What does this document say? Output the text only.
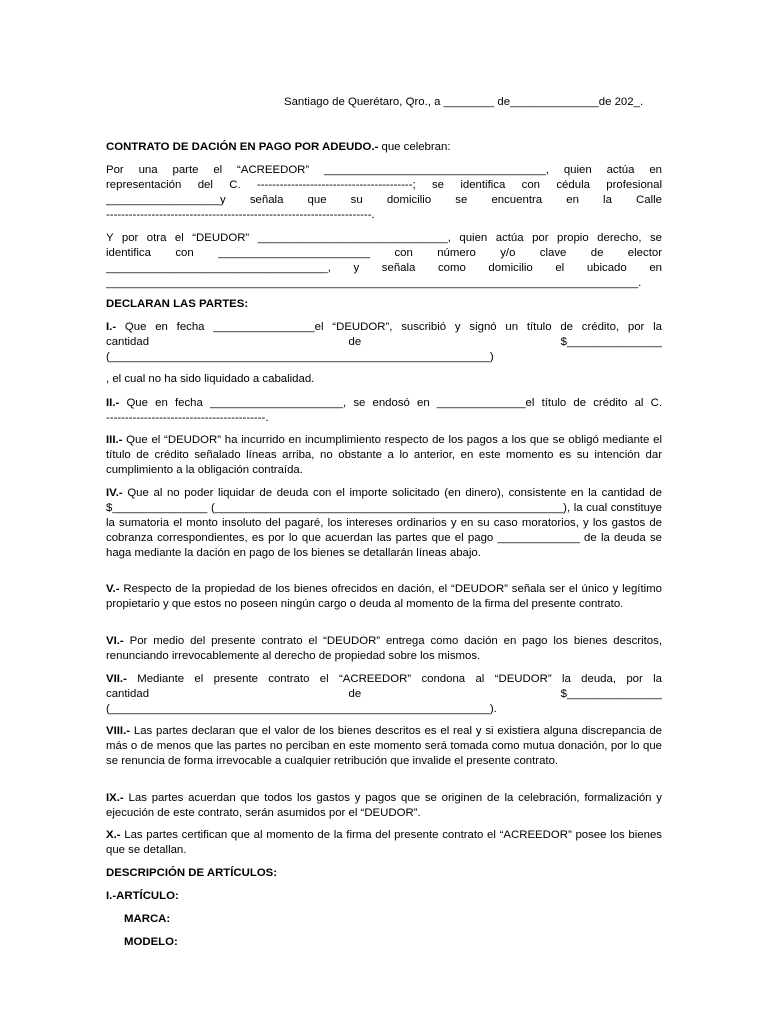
Santiago de Querétaro, Qro., a ________ de______________de 202_.

CONTRATO DE DACIÓN EN PAGO POR ADEUDO.- que celebran:

Por una parte el “ACREEDOR” ___________________________________, quien actúa en
representación del C. -----------------------------------------; se identifica con cédula profesional
__________________y señala que su domicilio se encuentra en la Calle
----------------------------------------------------------------------.
Y por otra el “DEUDOR” ______________________________, quien actúa por propio derecho, se
identifica con ________________________ con número y/o clave de elector
___________________________________, y señala como domicilio el ubicado en
____________________________________________________________________________________.

DECLARAN LAS PARTES:

I.- Que en fecha ________________el “DEUDOR”, suscribió y signó un título de crédito, por la
cantidad de $_______________
(____________________________________________________________)

, el cual no ha sido liquidado a cabalidad.

II.- Que en fecha _____________________, se endosó en ______________el título de crédito al C.
------------------------------------------.

III.- Que el “DEUDOR” ha incurrido en incumplimiento respecto de los pagos a los que se obligó mediante el título de crédito señalado líneas arriba, no obstante a lo anterior, en este momento es su intención dar cumplimiento a la obligación contraída.

IV.- Que al no poder liquidar de deuda con el importe solicitado (en dinero), consistente en la cantidad de $_______________ (_______________________________________________________), la cual constituye la sumatoria el monto insoluto del pagaré, los intereses ordinarios y en su caso moratorios, y los gastos de cobranza correspondientes, es por lo que acuerdan las partes que el pago _____________ de la deuda se haga mediante la dación en pago de los bienes se detallarán líneas abajo.

V.- Respecto de la propiedad de los bienes ofrecidos en dación, el “DEUDOR” señala ser el único y legítimo propietario y que estos no poseen ningún cargo o deuda al momento de la firma del presente contrato.

VI.- Por medio del presente contrato el “DEUDOR” entrega como dación en pago los bienes descritos, renunciando irrevocablemente al derecho de propiedad sobre los mismos.

VII.- Mediante el presente contrato el “ACREEDOR” condona al “DEUDOR” la deuda, por la
cantidad de $_______________
(____________________________________________________________).

VIII.- Las partes declaran que el valor de los bienes descritos es el real y si existiera alguna discrepancia de más o de menos que las partes no perciban en este momento será tomada como mutua donación, por lo que se renuncia de forma irrevocable a cualquier retribución que invalide el presente contrato.

IX.- Las partes acuerdan que todos los gastos y pagos que se originen de la celebración, formalización y ejecución de este contrato, serán asumidos por el “DEUDOR”.

X.- Las partes certifican que al momento de la firma del presente contrato el “ACREEDOR” posee los bienes que se detallan.

DESCRIPCIÓN DE ARTÍCULOS:

I.-ARTÍCULO:

MARCA:

MODELO:
